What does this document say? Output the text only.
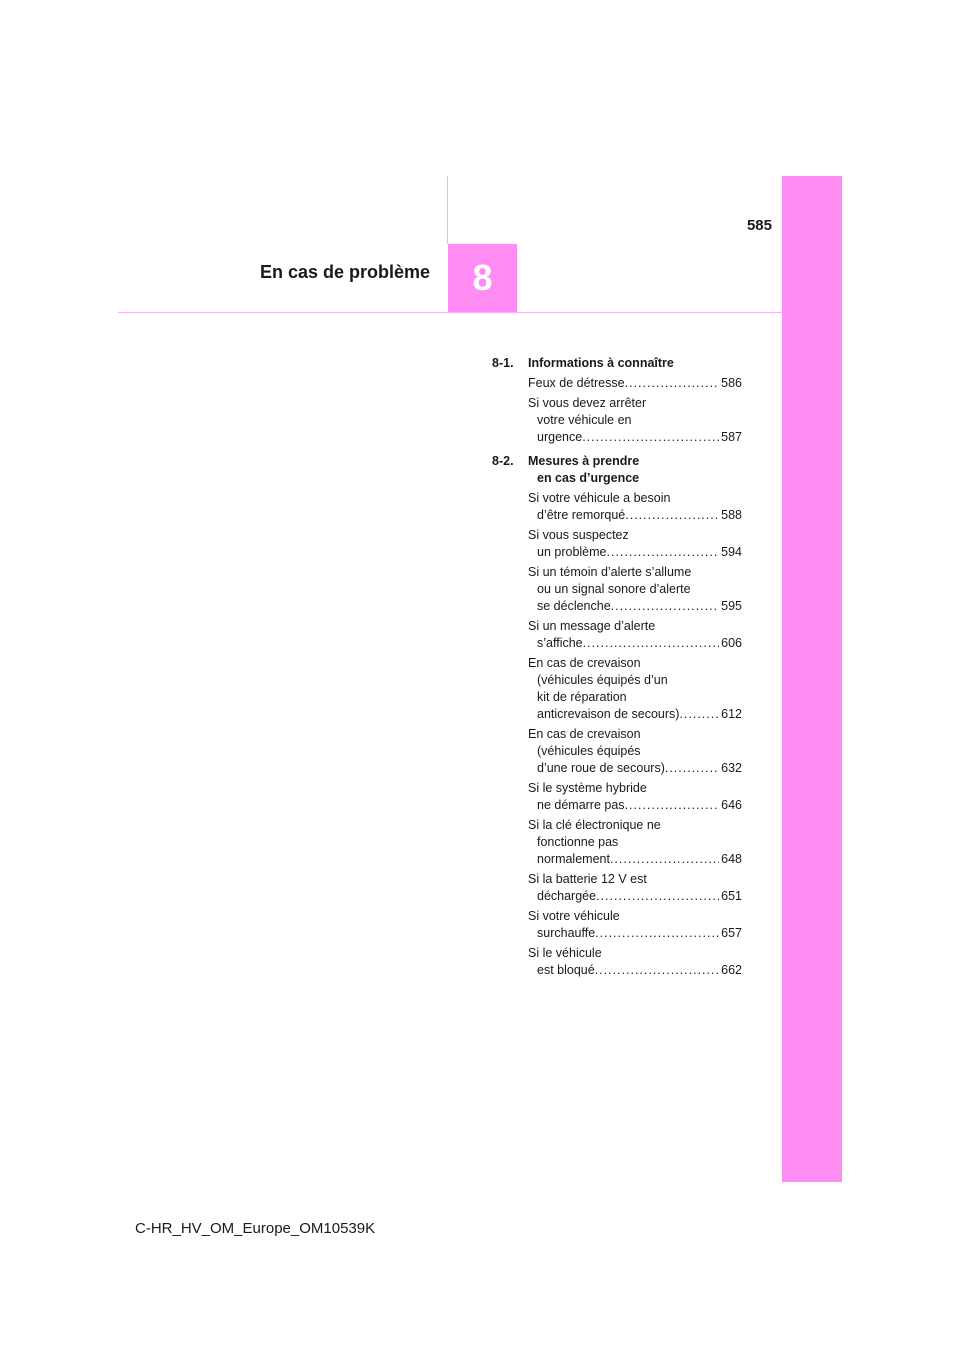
En cas de problème	8
585
8-1.	Informations à connaître
Feux de détresse .....	586
Si vous devez arrêter
votre véhicule en
urgence .....	587
8-2.	Mesures à prendre
en cas d’urgence
Si votre véhicule a besoin
d’être remorqué .....	588
Si vous suspectez
un problème .....	594
Si un témoin d’alerte s’allume
ou un signal sonore d’alerte
se déclenche .....	595
Si un message d’alerte
s’affiche .....	606
En cas de crevaison
(véhicules équipés d’un
kit de réparation
anticrevaison de secours) .....	612
En cas de crevaison
(véhicules équipés
d’une roue de secours) .....	632
Si le système hybride
ne démarre pas .....	646
Si la clé électronique ne
fonctionne pas
normalement .....	648
Si la batterie 12 V est
déchargée .....	651
Si votre véhicule
surchauffe .....	657
Si le véhicule
est bloqué .....	662
C-HR_HV_OM_Europe_OM10539K
